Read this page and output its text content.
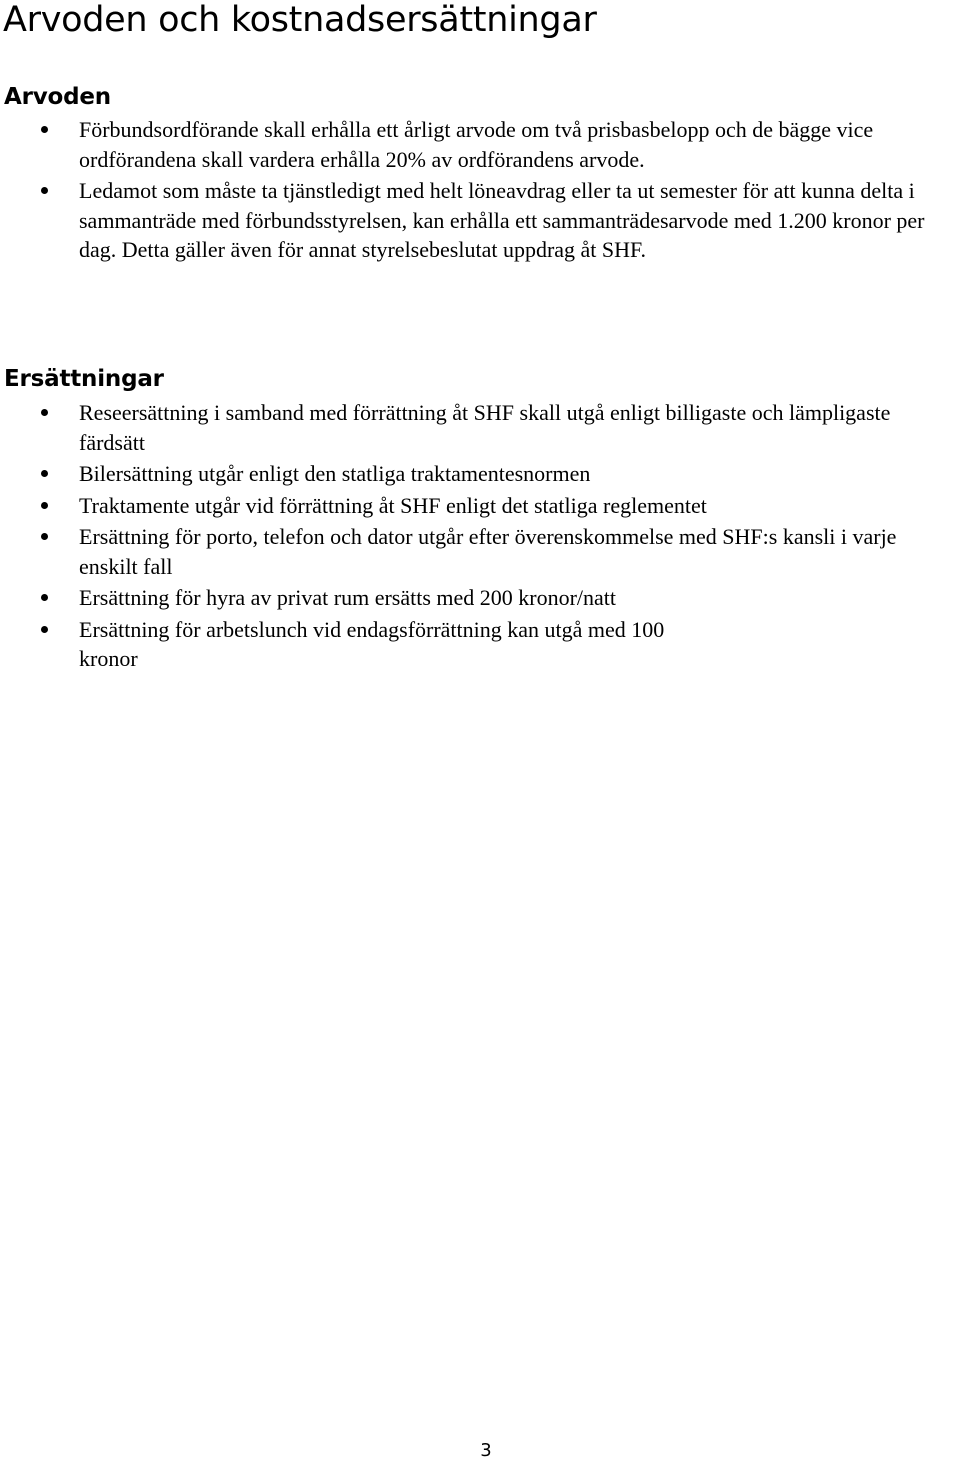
Arvoden och kostnadsersättningar
Arvoden
Förbundsordförande skall erhålla ett årligt arvode om två prisbasbelopp och de bägge vice ordförandena skall vardera erhålla 20% av ordförandens arvode.
Ledamot som måste ta tjänstledigt med helt löneavdrag eller ta ut semester för att kunna delta i sammanträde med förbundsstyrelsen, kan erhålla ett sammanträdesarvode med 1.200 kronor per dag. Detta gäller även för annat styrelsebeslutat uppdrag åt SHF.
Ersättningar
Reseersättning i samband med förrättning åt SHF skall utgå enligt billigaste och lämpligaste färdsätt
Bilersättning utgår enligt den statliga traktamentesnormen
Traktamente utgår vid förrättning åt SHF enligt det statliga reglementet
Ersättning för porto, telefon och dator utgår efter överenskommelse med SHF:s kansli i varje enskilt fall
Ersättning för hyra av privat rum ersätts med 200 kronor/natt
Ersättning för arbetslunch vid endagsförrättning kan utgå med 100 kronor
3
